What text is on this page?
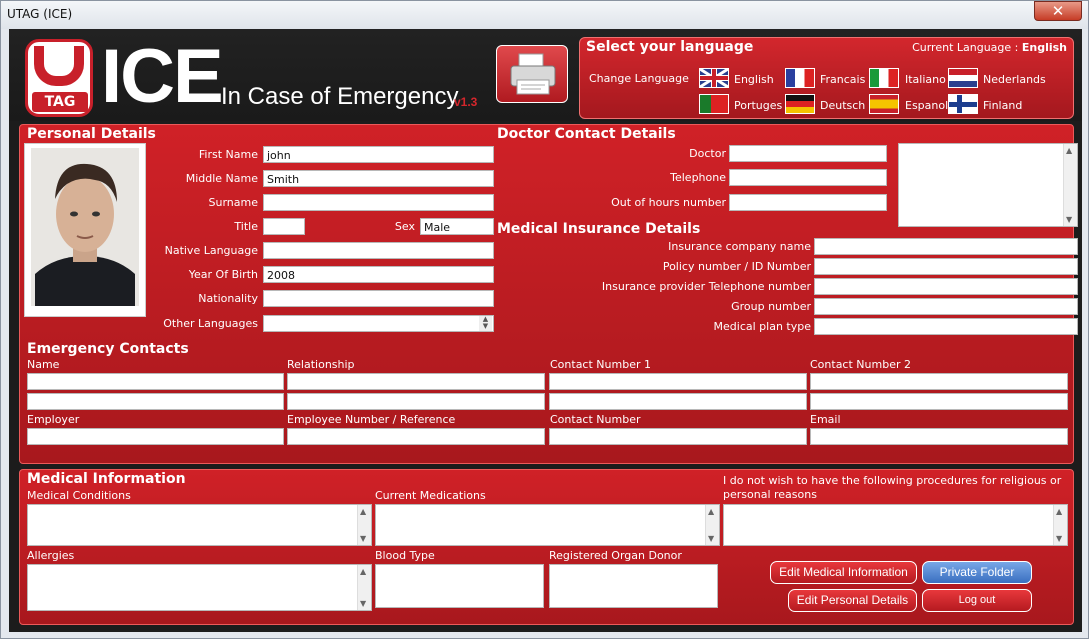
UTAG (ICE)	✕
TAG ICE In Case of Emergency
v1.3
Select your language	Current Language : English
Change Language	English	Francais	Italiano	Nederlands
Portuges	Deutsch	Espanol	Finland
Personal Details
First Name john
Middle Name Smith
Surname
Title	Sex Male
Native Language
Year Of Birth 2008
Nationality
Other Languages	▲
▼
Doctor Contact Details
Doctor
Telephone
Out of hours number
▲
▼
Medical Insurance Details
Insurance company name
Policy number / ID Number
Insurance provider Telephone number
Group number
Medical plan type
Emergency Contacts
Name	Relationship	Contact Number 1	Contact Number 2
Employer	Employee Number / Reference	Contact Number	Email
Medical Information
Medical Conditions	Current Medications
I do not wish to have the following procedures for religious or personal reasons
▲
▼
▲
▼
▲
▼
Allergies	Blood Type	Registered Organ Donor
▲
▼
Edit Medical Information	Private Folder
Edit Personal Details	Log out
